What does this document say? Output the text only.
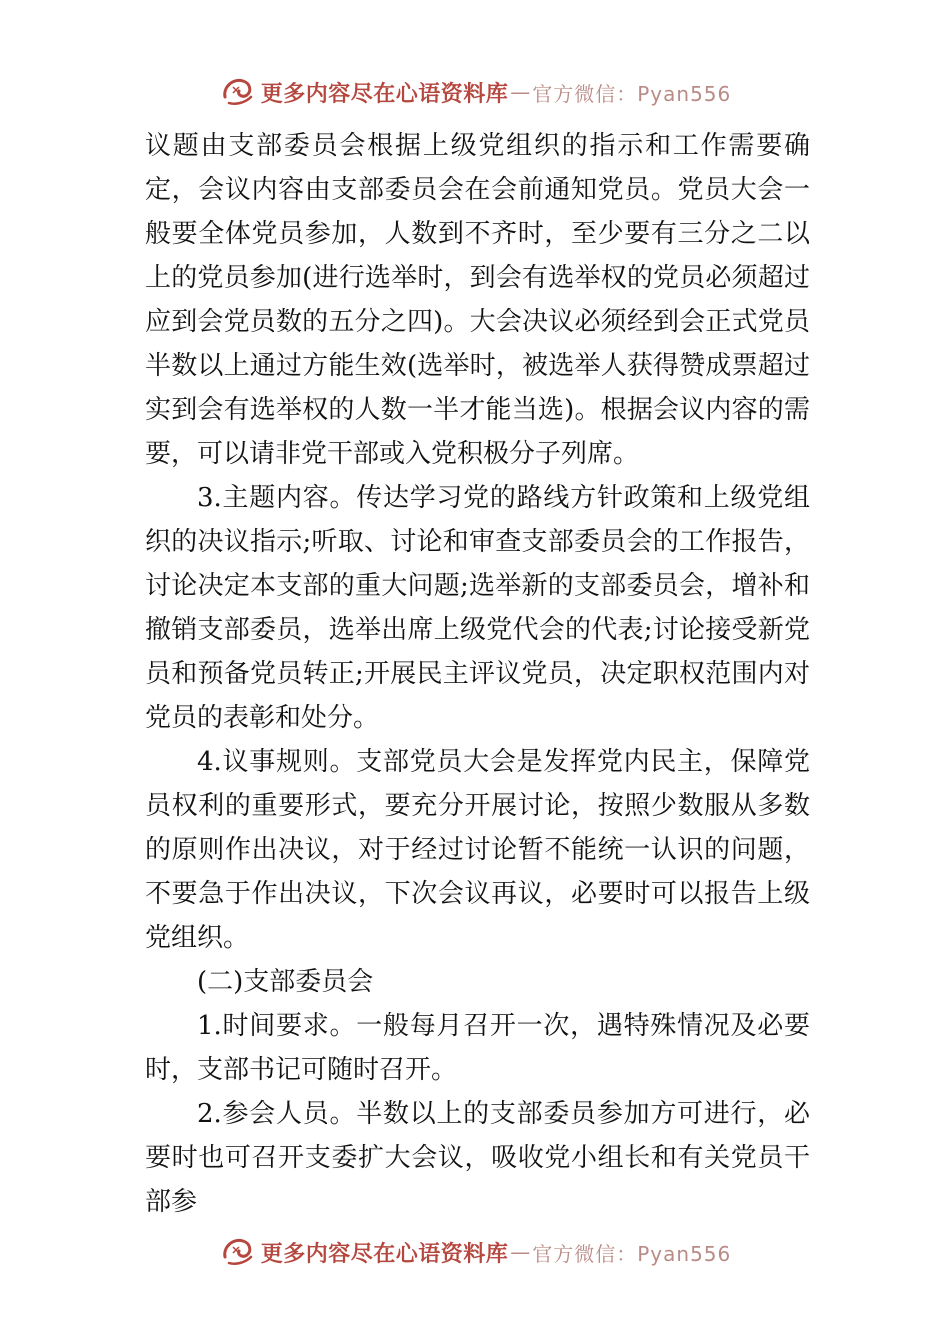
更多内容尽在心语资料库 — 官方微信：Pyan556

议题由支部委员会根据上级党组织的指示和工作需要确定，会议内容由支部委员会在会前通知党员。党员大会一般要全体党员参加，人数到不齐时，至少要有三分之二以上的党员参加(进行选举时，到会有选举权的党员必须超过应到会党员数的五分之四)。大会决议必须经到会正式党员半数以上通过方能生效(选举时，被选举人获得赞成票超过实到会有选举权的人数一半才能当选)。根据会议内容的需要，可以请非党干部或入党积极分子列席。

3.主题内容。传达学习党的路线方针政策和上级党组织的决议指示;听取、讨论和审查支部委员会的工作报告，讨论决定本支部的重大问题;选举新的支部委员会，增补和撤销支部委员，选举出席上级党代会的代表;讨论接受新党员和预备党员转正;开展民主评议党员，决定职权范围内对党员的表彰和处分。

4.议事规则。支部党员大会是发挥党内民主，保障党员权利的重要形式，要充分开展讨论，按照少数服从多数的原则作出决议，对于经过讨论暂不能统一认识的问题，不要急于作出决议，下次会议再议，必要时可以报告上级党组织。

(二)支部委员会

1.时间要求。一般每月召开一次，遇特殊情况及必要时，支部书记可随时召开。

2.参会人员。半数以上的支部委员参加方可进行，必要时也可召开支委扩大会议，吸收党小组长和有关党员干部参

更多内容尽在心语资料库 — 官方微信：Pyan556
